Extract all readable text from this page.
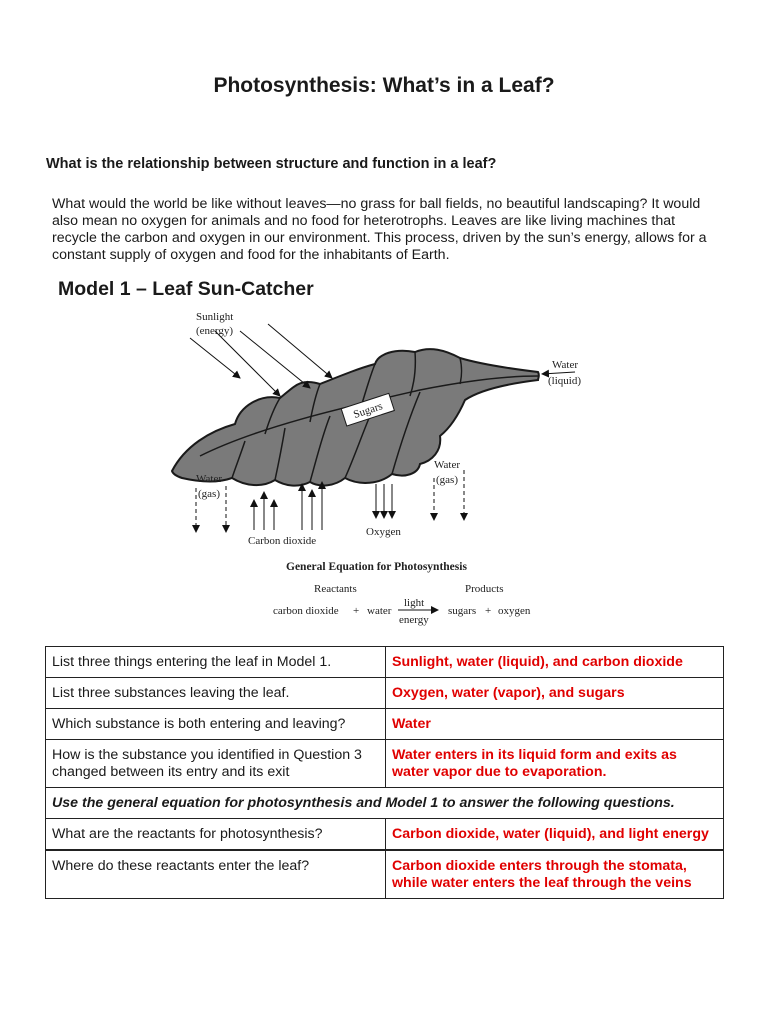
Photosynthesis: What’s in a Leaf?
What is the relationship between structure and function in a leaf?
What would the world be like without leaves—no grass for ball fields, no beautiful landscaping? It would also mean no oxygen for animals and no food for heterotrophs. Leaves are like living machines that recycle the carbon and oxygen in our environment. This process, driven by the sun’s energy, allows for a constant supply of oxygen and food for the inhabitants of Earth.
Model 1 – Leaf Sun-Catcher
Sugars
Sunlight
(energy)
Water
(liquid)
Water
(gas)
Carbon dioxide
Oxygen
Water
(gas)
General Equation for Photosynthesis
Reactants	Products
carbon dioxide + water
light
energy
sugars + oxygen
List three things entering the leaf in Model 1.	Sunlight, water (liquid), and carbon dioxide
List three substances leaving the leaf.	Oxygen, water (vapor), and sugars
Which substance is both entering and leaving?	Water
How is the substance you identified in Question 3 changed between its entry and its exit	Water enters in its liquid form and exits as water vapor due to evaporation.
Use the general equation for photosynthesis and Model 1 to answer the following questions.	
What are the reactants for photosynthesis?	Carbon dioxide, water (liquid), and light energy
Where do these reactants enter the leaf?	Carbon dioxide enters through the stomata, while water enters the leaf through the veins
